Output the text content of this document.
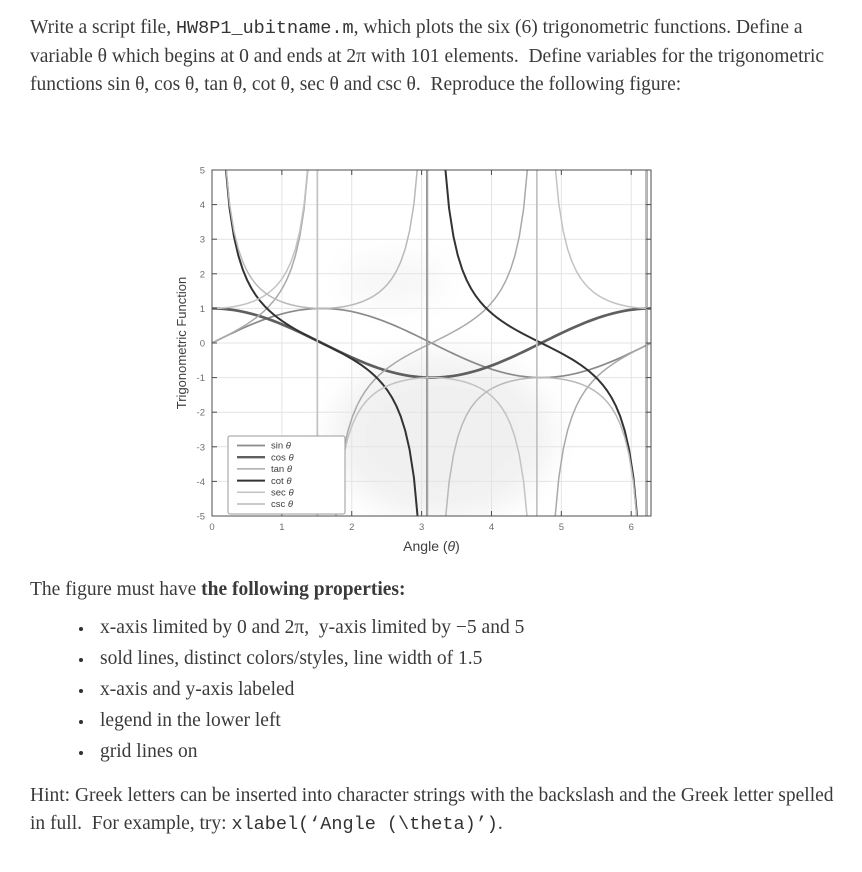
Write a script file, HW8P1_ubitname.m, which plots the six (6) trigonometric functions. Define a variable θ which begins at 0 and ends at 2π with 101 elements.  Define variables for the trigonometric functions sin θ, cos θ, tan θ, cot θ, sec θ and csc θ.  Reproduce the following figure:
0	1	2	3	4	5	6
5
4
3
2
1
0
-1
-2
-3
-4
-5
Angle (θ)
Trigonometric Function
sin θ
cos θ
tan θ
cot θ
sec θ
csc θ
The figure must have the following properties:
• x-axis limited by 0 and 2π,  y-axis limited by −5 and 5
• sold lines, distinct colors/styles, line width of 1.5
• x-axis and y-axis labeled
• legend in the lower left
• grid lines on
Hint: Greek letters can be inserted into character strings with the backslash and the Greek letter spelled in full.  For example, try: xlabel(‘Angle (\theta)’).
